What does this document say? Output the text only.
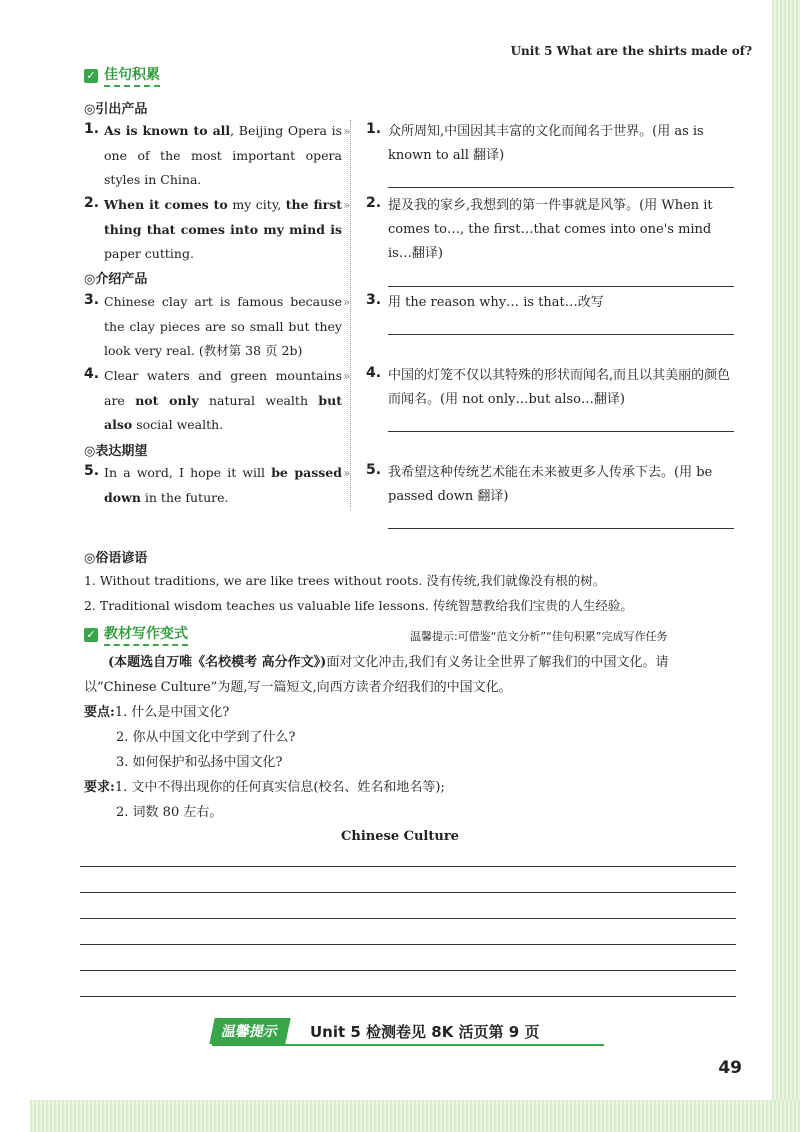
Unit 5 What are the shirts made of?
✓ 佳句积累
◎引出产品
1. As is known to all, Beijing Opera is one of the most important opera styles in China.
2. When it comes to my city, the first thing that comes into my mind is paper cutting.
◎介绍产品
3. Chinese clay art is famous because the clay pieces are so small but they look very real. (教材第 38 页 2b)
4. Clear waters and green mountains are not only natural wealth but also social wealth.
◎表达期望
5. In a word, I hope it will be passed down in the future.
»
»
»
»
»
1. 众所周知,中国因其丰富的文化而闻名于世界。(用 as is known to all 翻译)
2. 提及我的家乡,我想到的第一件事就是风筝。(用 When it comes to…, the first…that comes into one's mind is…翻译)
3. 用 the reason why… is that…改写
4. 中国的灯笼不仅以其特殊的形状而闻名,而且以其美丽的颜色而闻名。(用 not only…but also…翻译)
5. 我希望这种传统艺术能在未来被更多人传承下去。(用 be passed down 翻译)
◎俗语谚语
1. Without traditions, we are like trees without roots. 没有传统,我们就像没有根的树。
2. Traditional wisdom teaches us valuable life lessons. 传统智慧教给我们宝贵的人生经验。
✓ 教材写作变式	温馨提示:可借鉴“范文分析”“佳句积累”完成写作任务
(本题选自万唯《名校模考 高分作文》)面对文化冲击,我们有义务让全世界了解我们的中国文化。请以“Chinese Culture”为题,写一篇短文,向西方读者介绍我们的中国文化。
要点:1. 什么是中国文化?
2. 你从中国文化中学到了什么?
3. 如何保护和弘扬中国文化?
要求:1. 文中不得出现你的任何真实信息(校名、姓名和地名等);
2. 词数 80 左右。
Chinese Culture
温馨提示	Unit 5 检测卷见 8K 活页第 9 页
49
